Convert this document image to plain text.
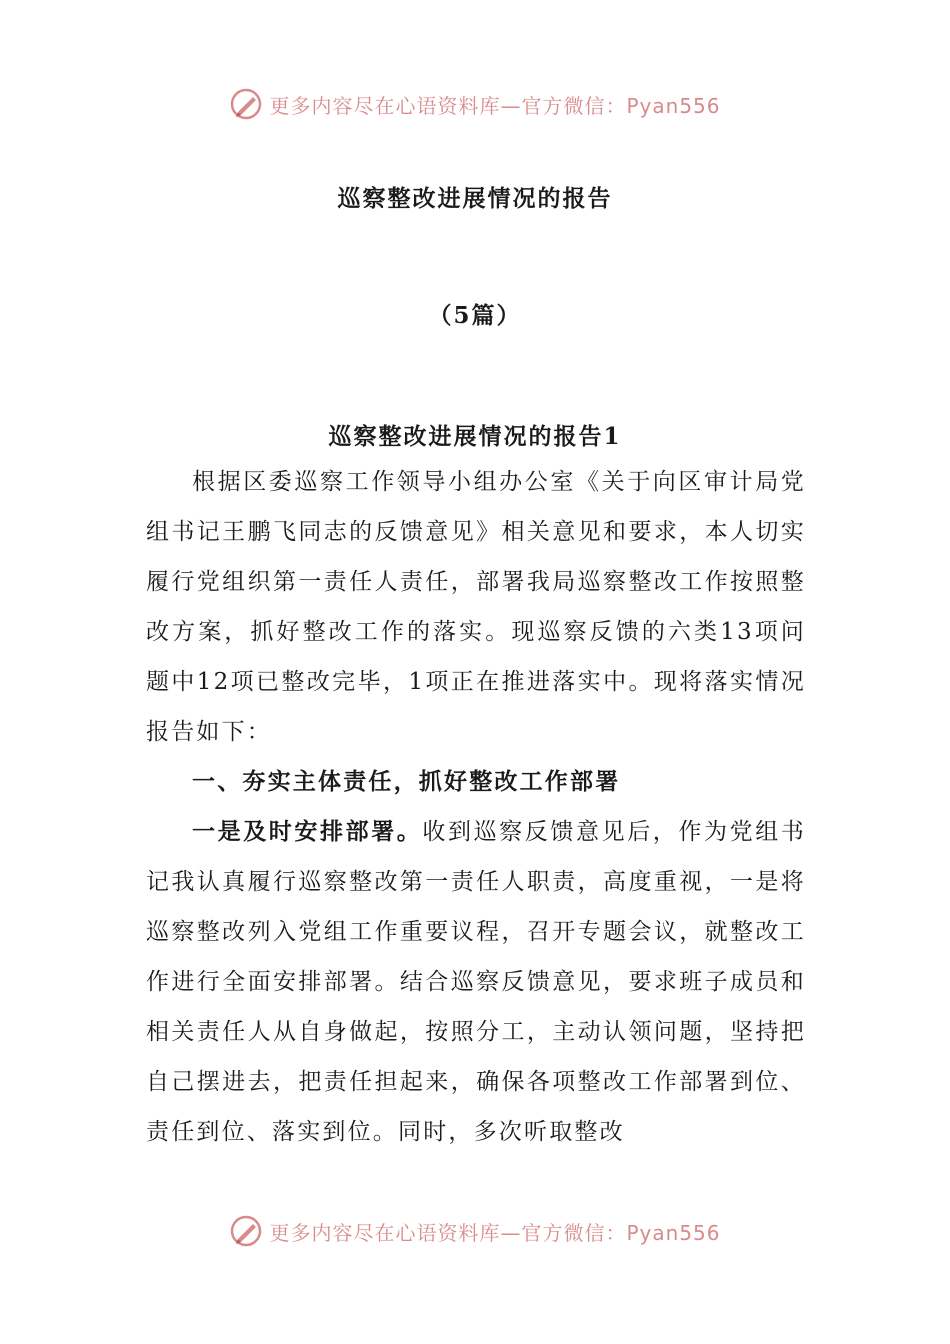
更多内容尽在心语资料库—官方微信：Pyan556
巡察整改进展情况的报告
（5篇）
巡察整改进展情况的报告1

根据区委巡察工作领导小组办公室《关于向区审计局党组书记王鹏飞同志的反馈意见》相关意见和要求，本人切实履行党组织第一责任人责任，部署我局巡察整改工作按照整改方案，抓好整改工作的落实。现巡察反馈的六类13项问题中12项已整改完毕，1项正在推进落实中。现将落实情况报告如下：

一、夯实主体责任，抓好整改工作部署

一是及时安排部署。收到巡察反馈意见后，作为党组书记我认真履行巡察整改第一责任人职责，高度重视，一是将巡察整改列入党组工作重要议程，召开专题会议，就整改工作进行全面安排部署。结合巡察反馈意见，要求班子成员和相关责任人从自身做起，按照分工，主动认领问题，坚持把自己摆进去，把责任担起来，确保各项整改工作部署到位、责任到位、落实到位。同时，多次听取整改

更多内容尽在心语资料库—官方微信：Pyan556
